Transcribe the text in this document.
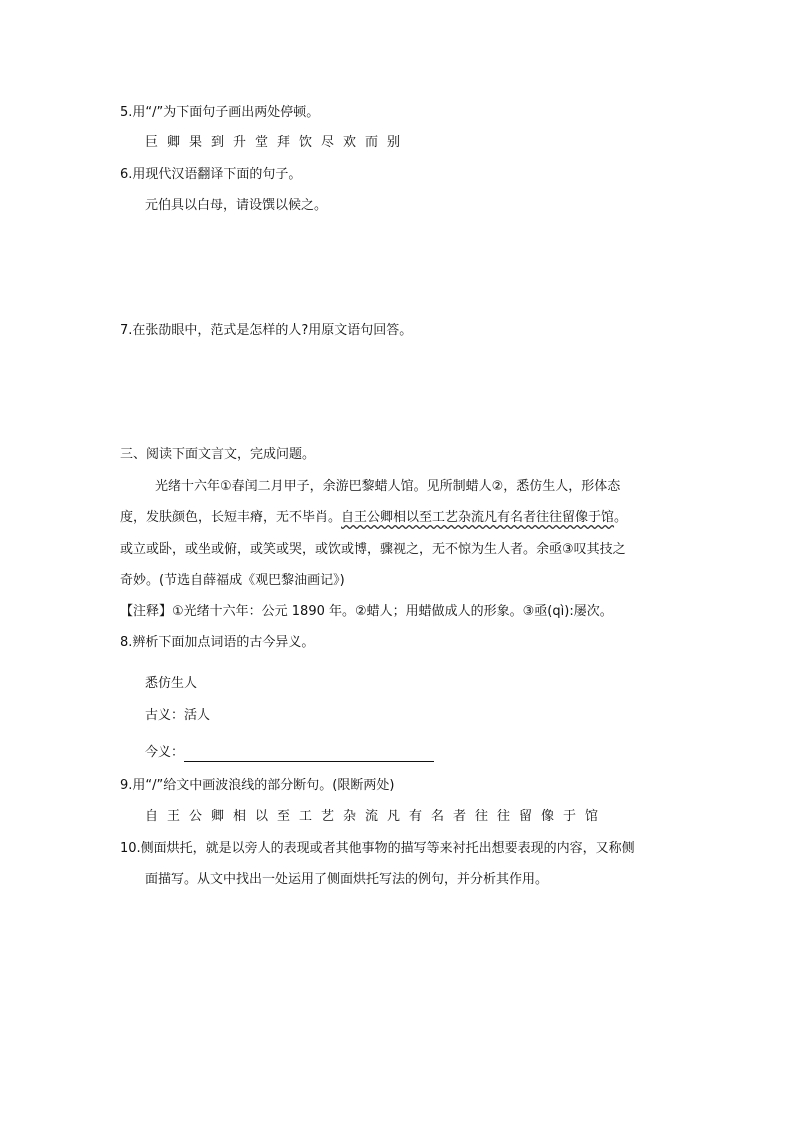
5.用“/”为下面句子画出两处停顿。
巨卿果到升堂拜饮尽欢而别
6.用现代汉语翻译下面的句子。
元伯具以白母，请设馔以候之。
7.在张劭眼中，范式是怎样的人?用原文语句回答。
三、阅读下面文言文，完成问题。
光绪十六年①春闰二月甲子，余游巴黎蜡人馆。见所制蜡人②，悉仿生人，形体态
度，发肤颜色，长短丰瘠，无不毕肖。自王公卿相以至工艺杂流凡有名者往往留像于馆。
或立或卧，或坐或俯，或笑或哭，或饮或博，骤视之，无不惊为生人者。余亟③叹其技之
奇妙。(节选自薛福成《观巴黎油画记》)
【注释】①光绪十六年：公元 1890 年。②蜡人；用蜡做成人的形象。③亟(qì):屡次。
8.辨析下面加点词语的古今异义。
悉仿生人
古义：活人
今义：
9.用“/”给文中画波浪线的部分断句。(限断两处)
自王公卿相以至工艺杂流凡有名者往往留像于馆
10.侧面烘托，就是以旁人的表现或者其他事物的描写等来衬托出想要表现的内容，又称侧
面描写。从文中找出一处运用了侧面烘托写法的例句，并分析其作用。
